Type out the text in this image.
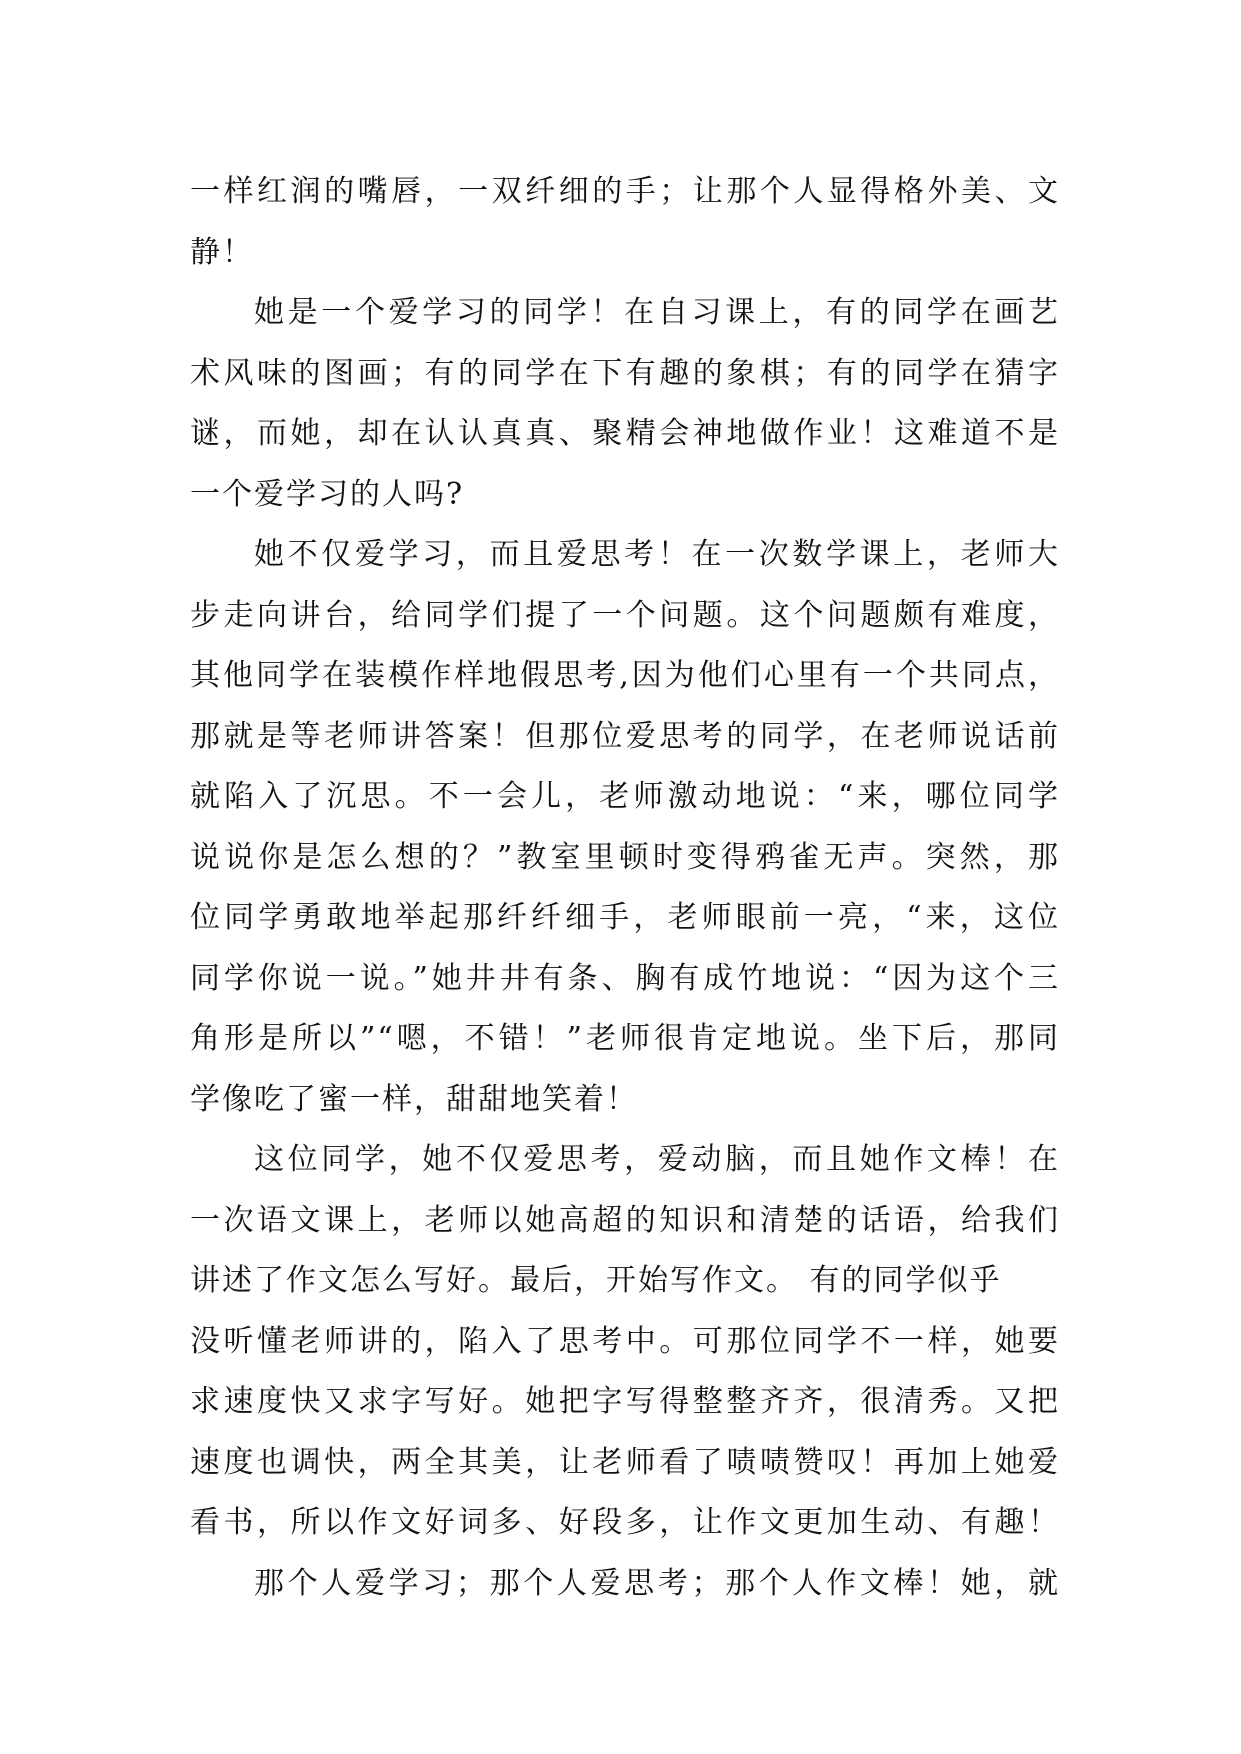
一样红润的嘴唇，一双纤细的手；让那个人显得格外美、文
静！
她是一个爱学习的同学！在自习课上，有的同学在画艺
术风味的图画；有的同学在下有趣的象棋；有的同学在猜字
谜，而她，却在认认真真、聚精会神地做作业！这难道不是
一个爱学习的人吗?
她不仅爱学习，而且爱思考！在一次数学课上，老师大
步走向讲台，给同学们提了一个问题。这个问题颇有难度，
其他同学在装模作样地假思考,因为他们心里有一个共同点，
那就是等老师讲答案！但那位爱思考的同学，在老师说话前
就陷入了沉思。不一会儿，老师激动地说：“来，哪位同学
说说你是怎么想的？”教室里顿时变得鸦雀无声。突然，那
位同学勇敢地举起那纤纤细手，老师眼前一亮，“来，这位
同学你说一说。”她井井有条、胸有成竹地说：“因为这个三
角形是所以”“嗯，不错！”老师很肯定地说。坐下后，那同
学像吃了蜜一样，甜甜地笑着！
这位同学，她不仅爱思考，爱动脑，而且她作文棒！在
一次语文课上，老师以她高超的知识和清楚的话语，给我们
讲述了作文怎么写好。最后，开始写作文。 有的同学似乎
没听懂老师讲的，陷入了思考中。可那位同学不一样，她要
求速度快又求字写好。她把字写得整整齐齐，很清秀。又把
速度也调快，两全其美，让老师看了啧啧赞叹！再加上她爱
看书，所以作文好词多、好段多，让作文更加生动、有趣！
那个人爱学习；那个人爱思考；那个人作文棒！她，就
